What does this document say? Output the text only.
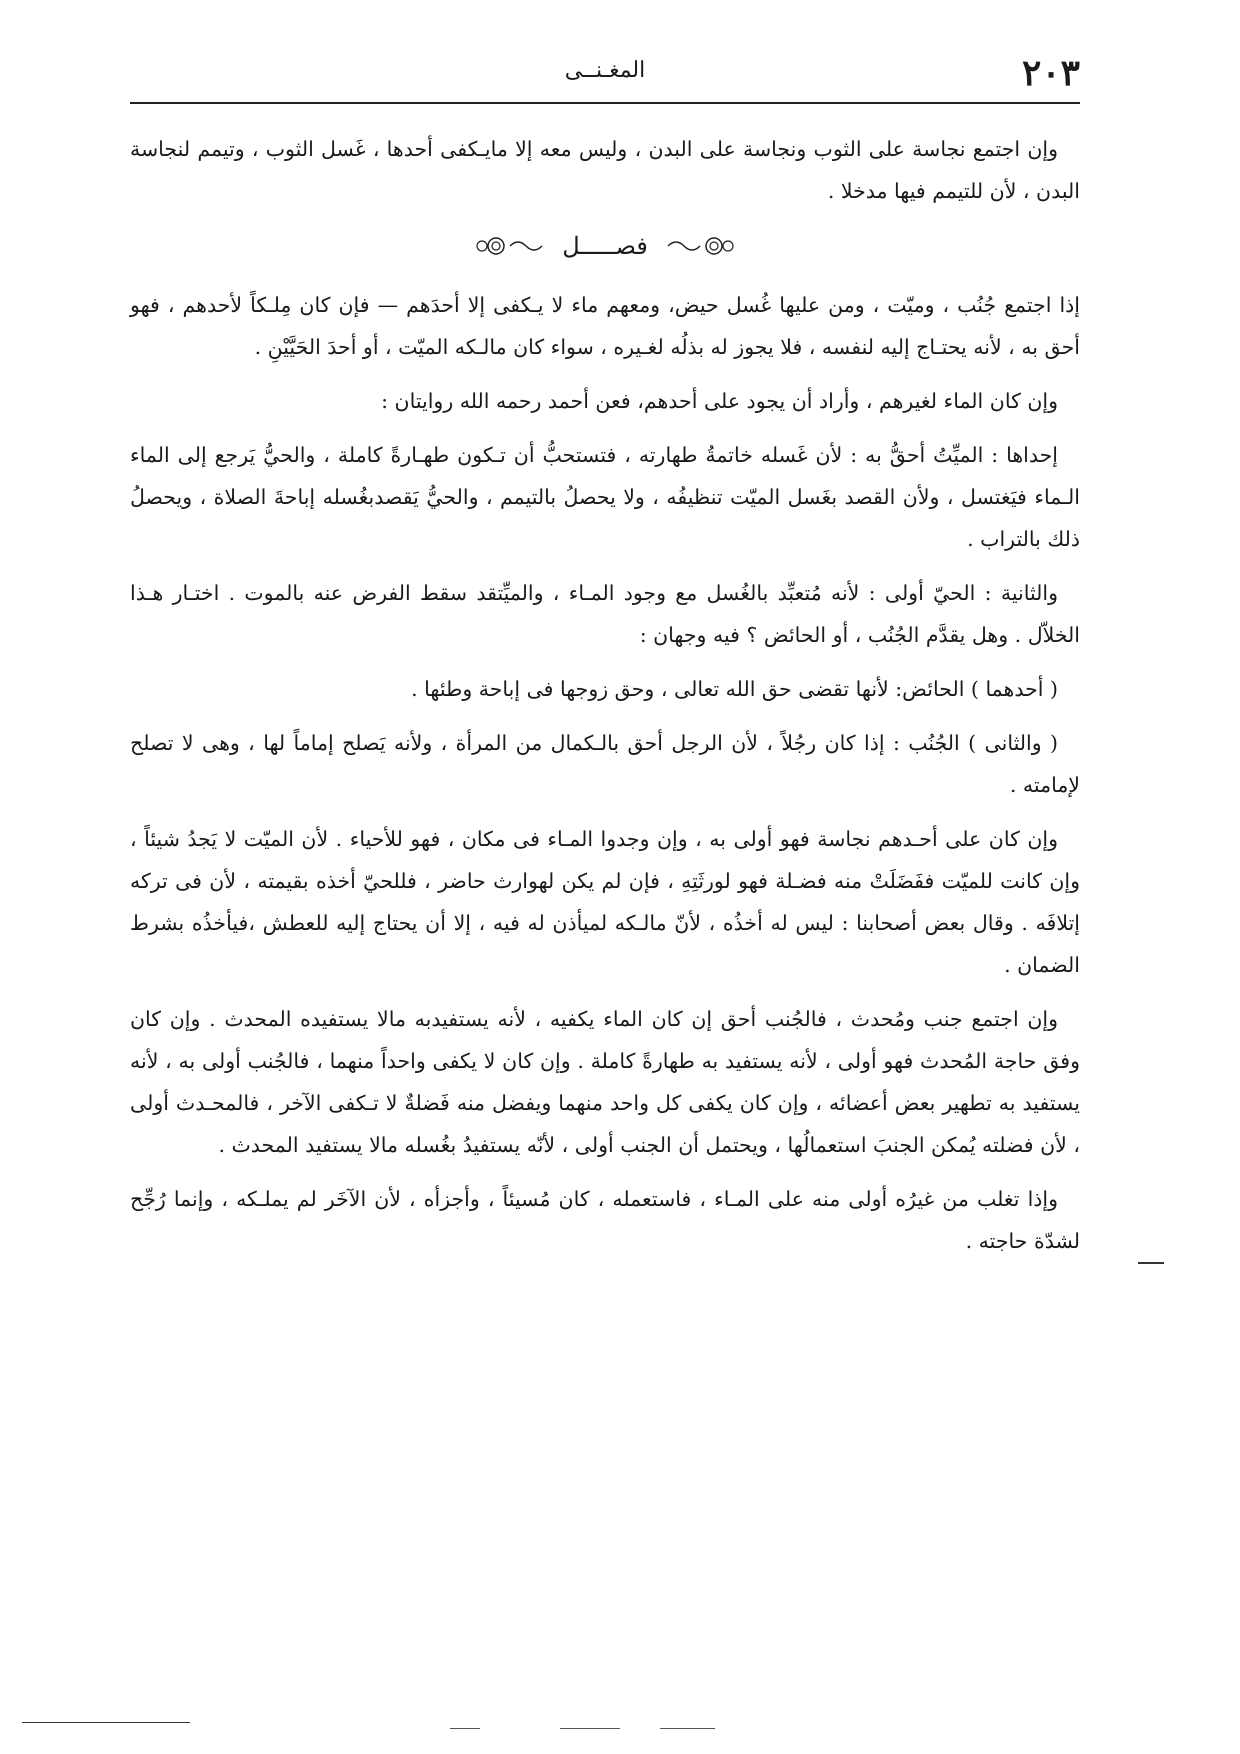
٢٠٣
المغـنــى

وإن اجتمع نجاسة على الثوب ونجاسة على البدن ، وليس معه إلا مايـكفى أحدها ، غَسل الثوب ، وتيمم لنجاسة البدن ، لأن للتيمم فيها مدخلا .

فصـــــل

إذا اجتمع جُنُب ، وميّت ، ومن عليها غُسل حيض، ومعهم ماء لا يـكفى إلا أحدَهم — فإن كان مِلـكاً لأحدهم ، فهو أحق به ، لأنه يحتـاج إليه لنفسه ، فلا يجوز له بذلُه لغـيره ، سواء كان مالـكه الميّت ، أو أحدَ الحَيَّيْنِ .

وإن كان الماء لغيرهم ، وأراد أن يجود على أحدهم، فعن أحمد رحمه الله روايتان :

إحداها : الميِّتُ أحقُّ به : لأن غَسله خاتمةُ طهارته ، فتستحبُّ أن تـكون طهـارةً كاملة ، والحيُّ يَرجع إلى الماء الـماء فيَغتسل ، ولأن القصد بغَسل الميّت تنظيفُه ، ولا يحصلُ بالتيمم ، والحيُّ يَقصدبغُسله إباحةَ الصلاة ، ويحصلُ ذلك بالتراب .

والثانية : الحيّ أولى : لأنه مُتعبِّد بالغُسل مع وجود المـاء ، والميِّتقد سقط الفرض عنه بالموت . اختـار هـذا الخلاّل . وهل يقدَّم الجُنُب ، أو الحائض ؟ فيه وجهان :

( أحدهما ) الحائض: لأنها تقضى حق الله تعالى ، وحق زوجها فى إباحة وطئها .

( والثانى ) الجُنُب : إذا كان رجُلاً ، لأن الرجل أحق بالـكمال من المرأة ، ولأنه يَصلح إماماً لها ، وهى لا تصلح لإمامته .

وإن كان على أحـدهم نجاسة فهو أولى به ، وإن وجدوا المـاء فى مكان ، فهو للأحياء . لأن الميّت لا يَجدُ شيئاً ، وإن كانت للميّت ففَضَلَتْ منه فضـلة فهو لورثَتِهِ ، فإن لم يكن لهوارث حاضر ، فللحيّ أخذه بقيمته ، لأن فى تركه إتلافَه . وقال بعض أصحابنا : ليس له أخذُه ، لأنّ مالـكه لميأذن له فيه ، إلا أن يحتاج إليه للعطش ،فيأخذُه بشرط الضمان .

وإن اجتمع جنب ومُحدث ، فالجُنب أحق إن كان الماء يكفيه ، لأنه يستفيدبه مالا يستفيده المحدث . وإن كان وفق حاجة المُحدث فهو أولى ، لأنه يستفيد به طهارةً كاملة . وإن كان لا يكفى واحداً منهما ، فالجُنب أولى به ، لأنه يستفيد به تطهير بعض أعضائه ، وإن كان يكفى كل واحد منهما ويفضل منه فَضلةٌ لا تـكفى الآخر ، فالمحـدث أولى ، لأن فضلته يُمكن الجنبَ استعمالُها ، ويحتمل أن الجنب أولى ، لأنّه يستفيدُ بغُسله مالا يستفيد المحدث .

وإذا تغلب من غيرُه أولى منه على المـاء ، فاستعمله ، كان مُسيئاً ، وأجزأه ، لأن الآخَر لم يملـكه ، وإنما رُجِّح لشدّة حاجته .
